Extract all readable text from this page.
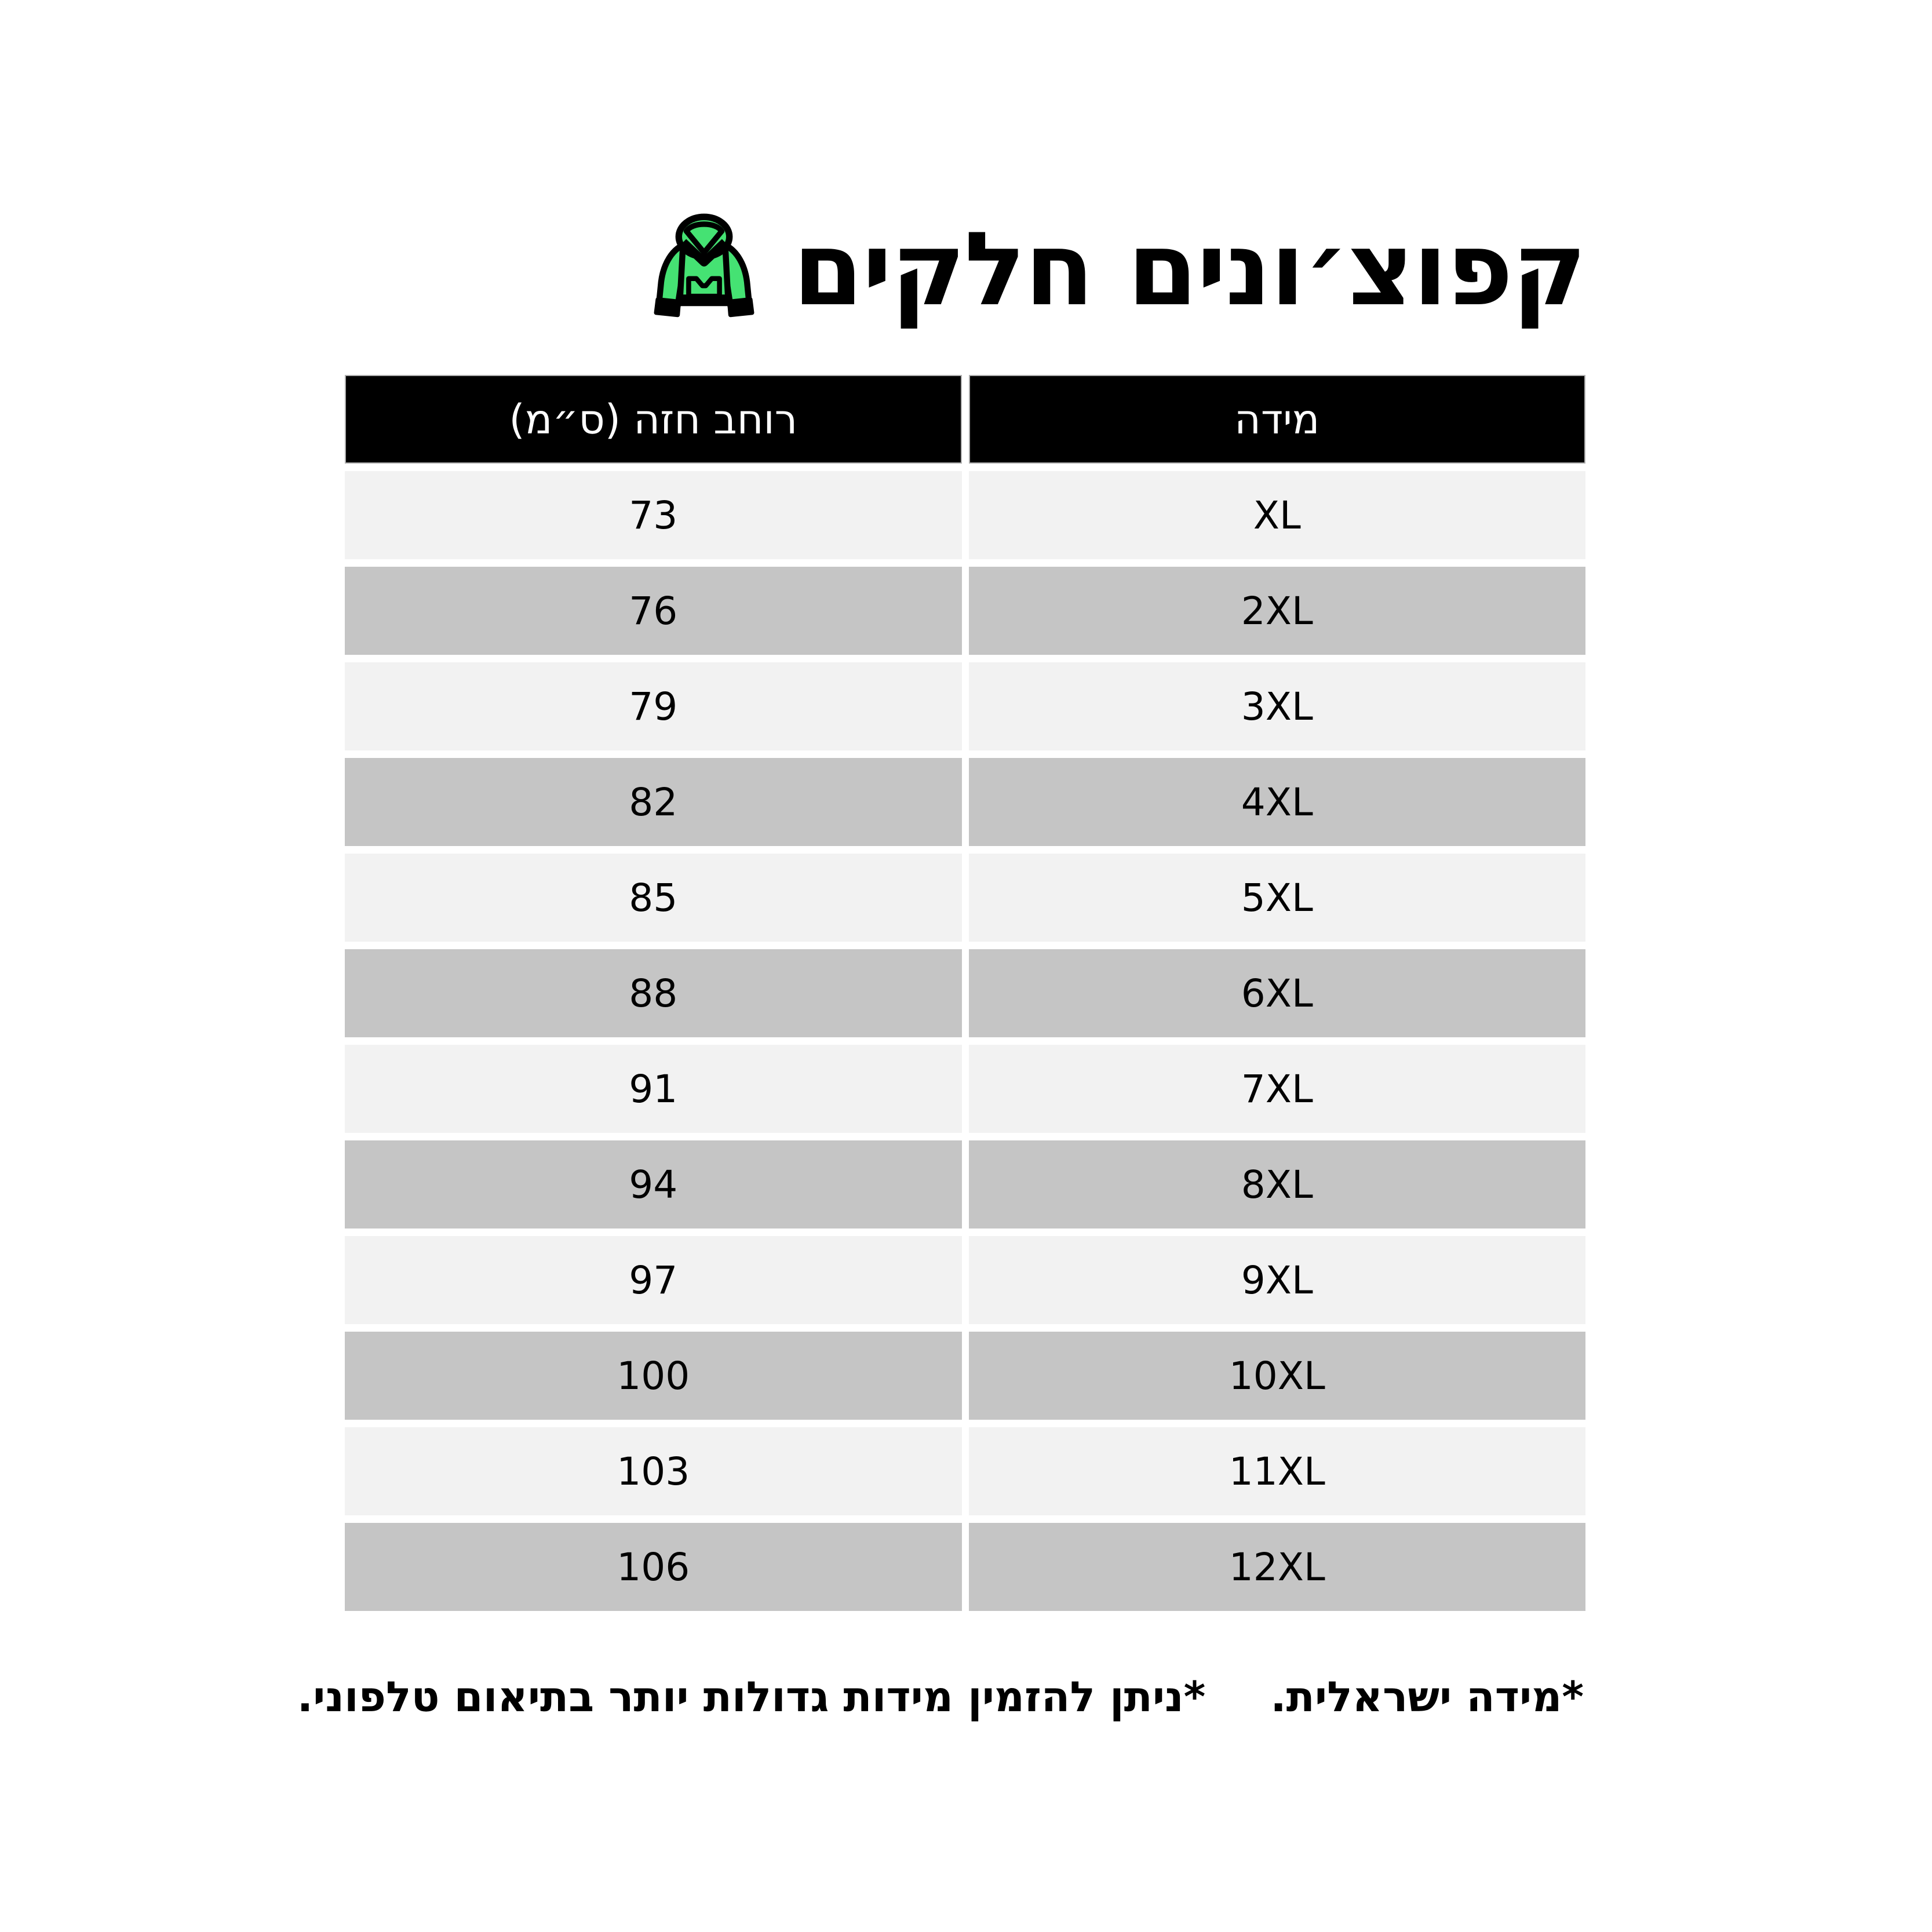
קפוצ׳ונים חלקים
רוחב חזה (ס״מ)	מידה
73	XL
76	2XL
79	3XL
82	4XL
85	5XL
88	6XL
91	7XL
94	8XL
97	9XL
100	10XL
103	11XL
106	12XL
*מידה ישראלית.
*ניתן להזמין מידות גדולות יותר בתיאום טלפוני.
